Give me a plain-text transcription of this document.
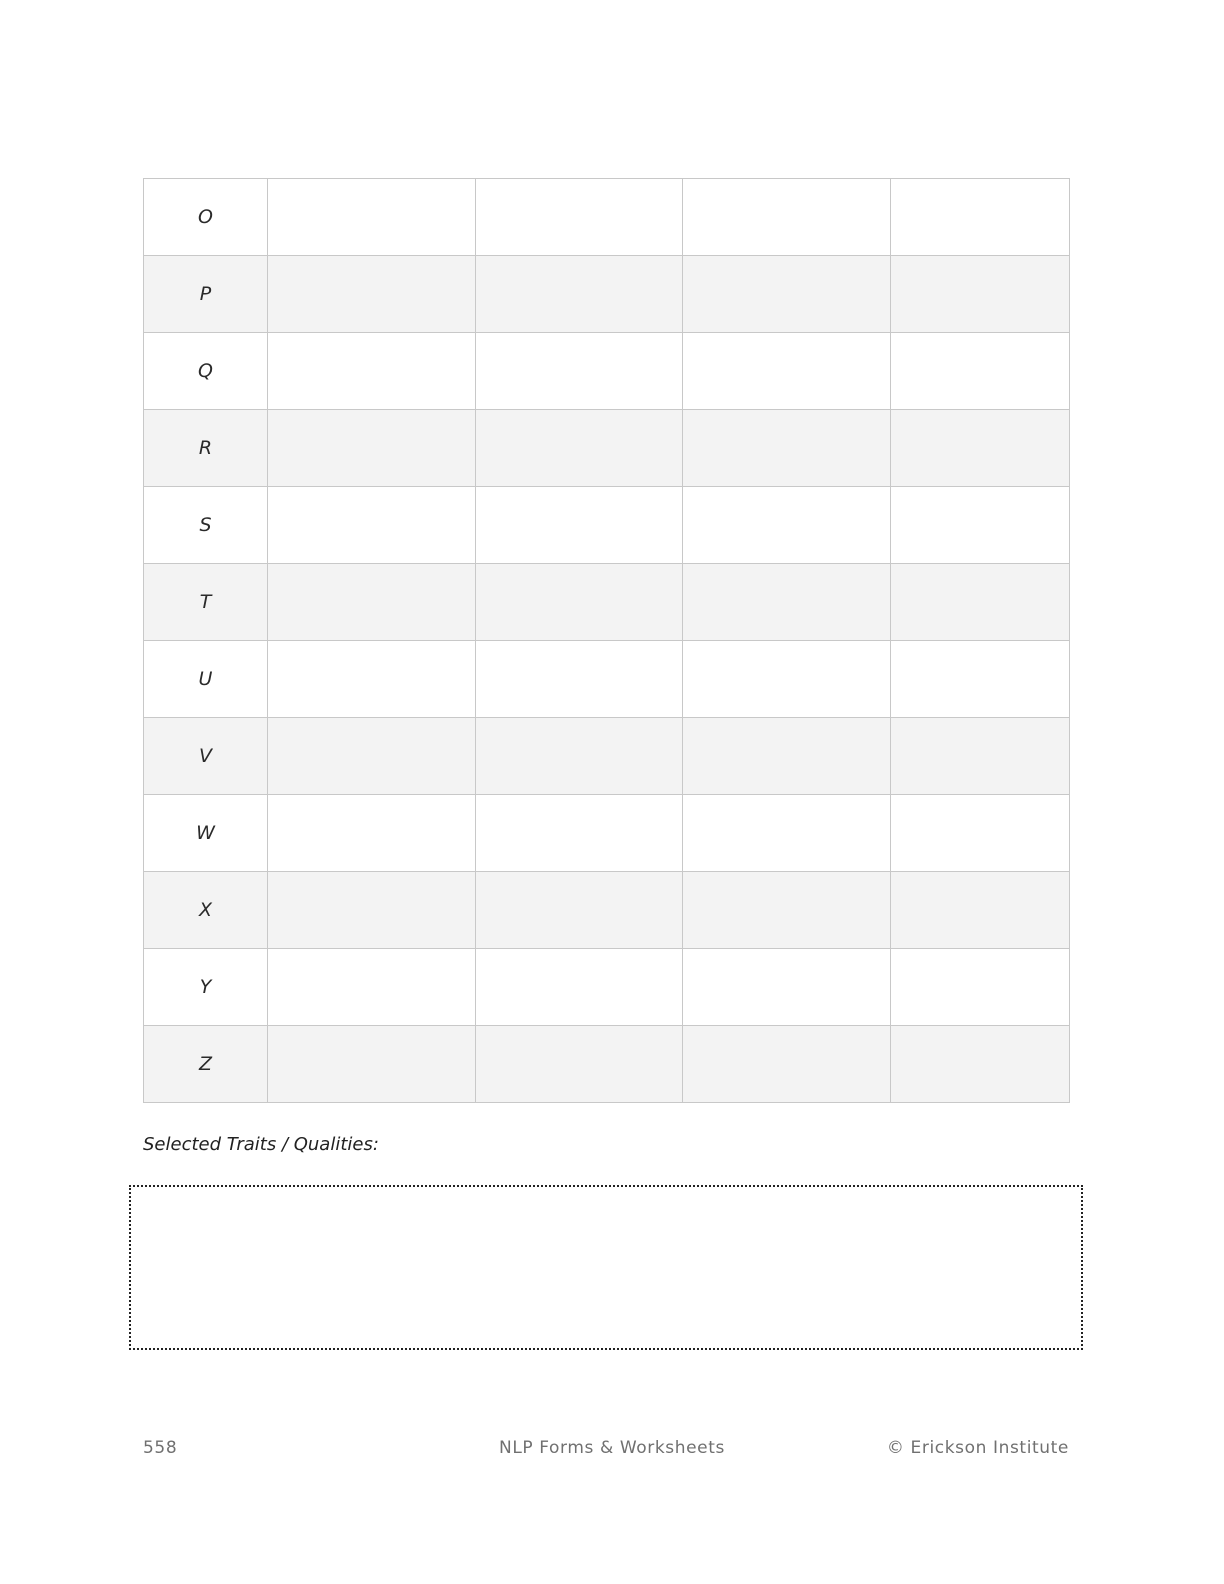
O				
P				
Q				
R				
S				
T				
U				
V				
W				
X				
Y				
Z				
Selected Traits / Qualities:
558	NLP Forms & Worksheets	© Erickson Institute
